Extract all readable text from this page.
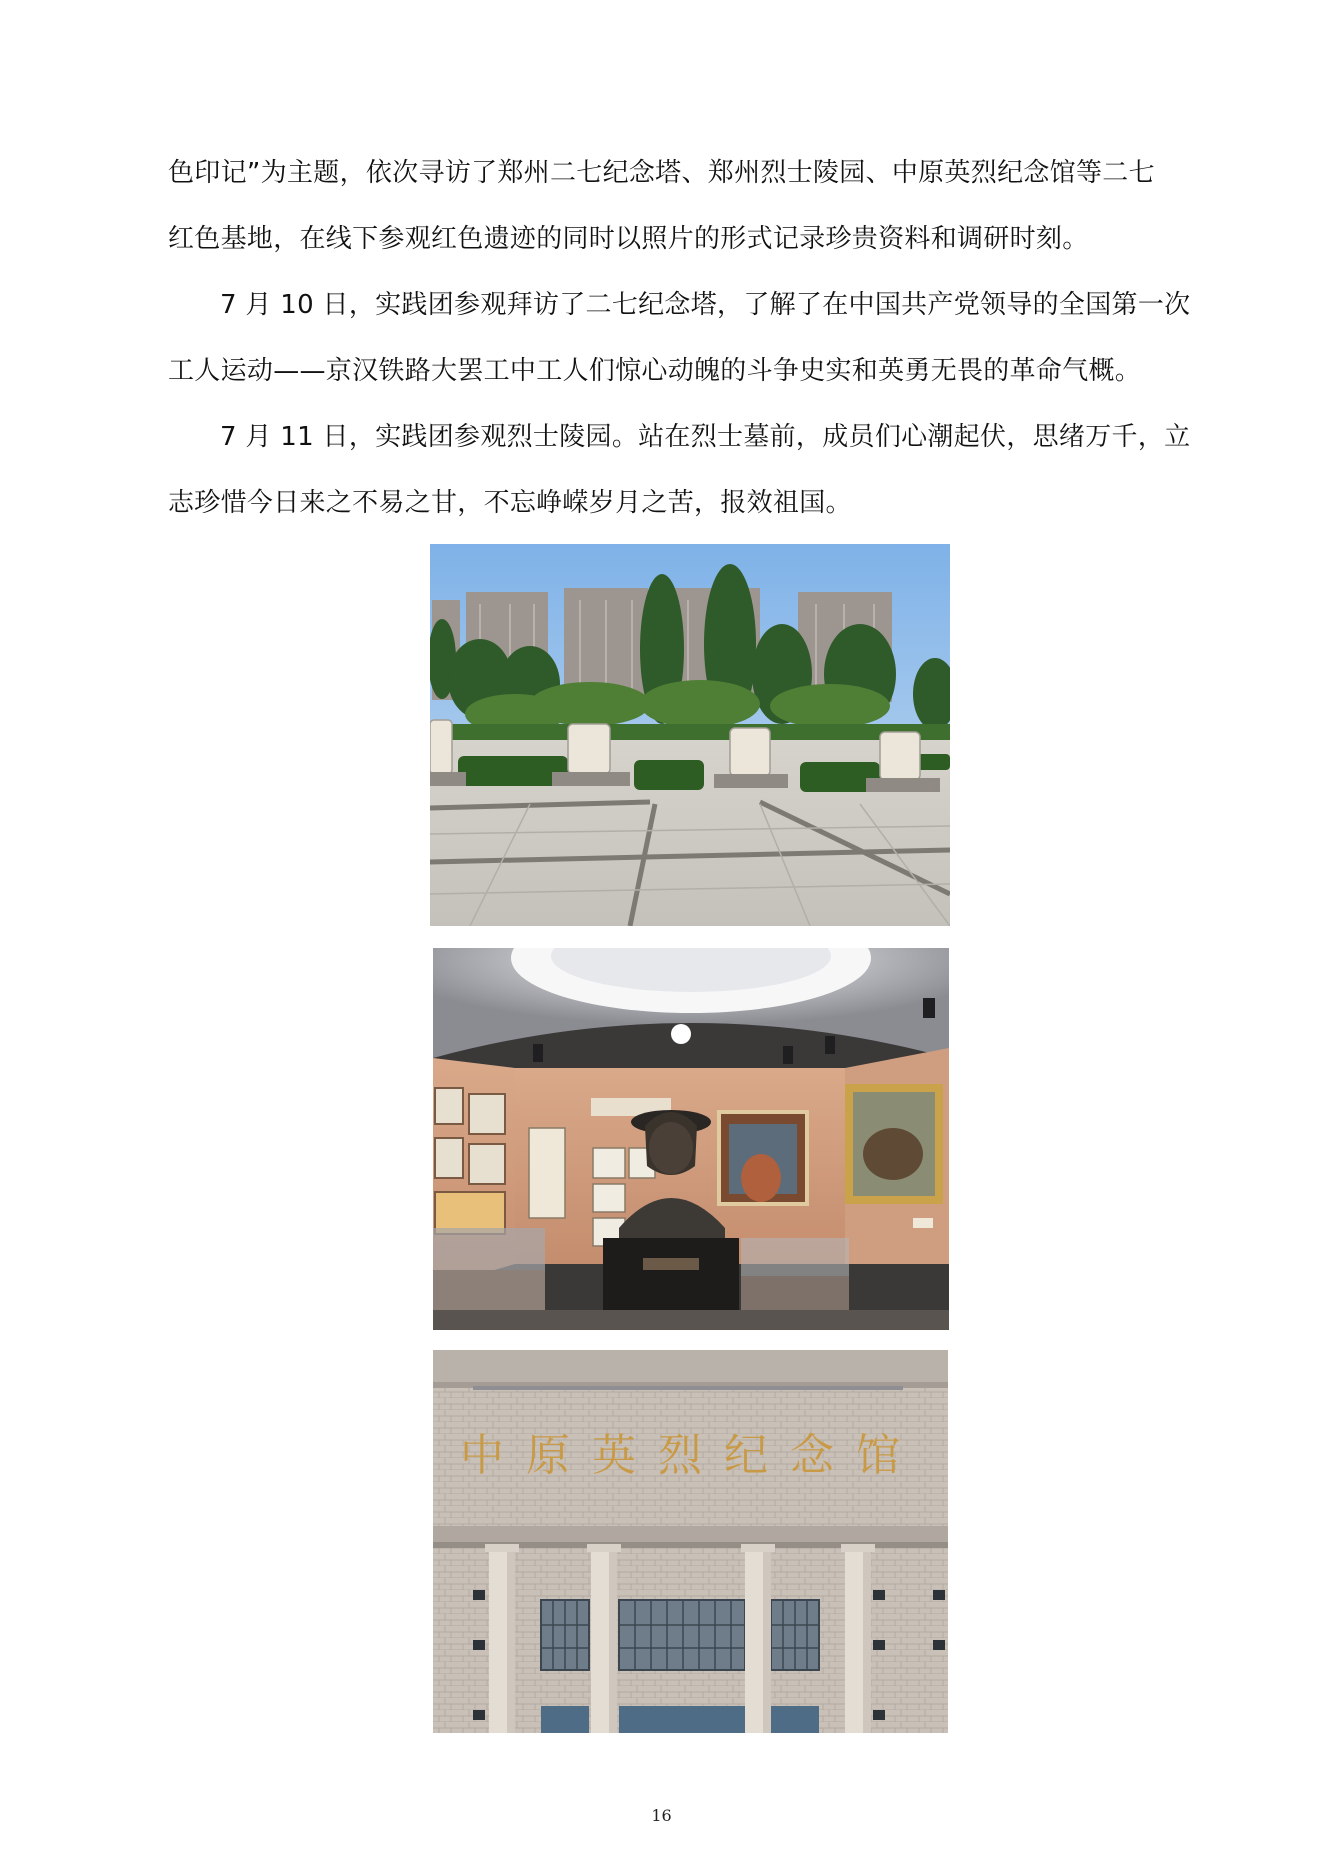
色印记”为主题，依次寻访了郑州二七纪念塔、郑州烈士陵园、中原英烈纪念馆等二七
红色基地，在线下参观红色遗迹的同时以照片的形式记录珍贵资料和调研时刻。
7 月 10 日，实践团参观拜访了二七纪念塔，了解了在中国共产党领导的全国第一次
工人运动——京汉铁路大罢工中工人们惊心动魄的斗争史实和英勇无畏的革命气概。
7 月 11 日，实践团参观烈士陵园。站在烈士墓前，成员们心潮起伏，思绪万千，立
志珍惜今日来之不易之甘，不忘峥嵘岁月之苦，报效祖国。
中原英烈纪念馆
16
